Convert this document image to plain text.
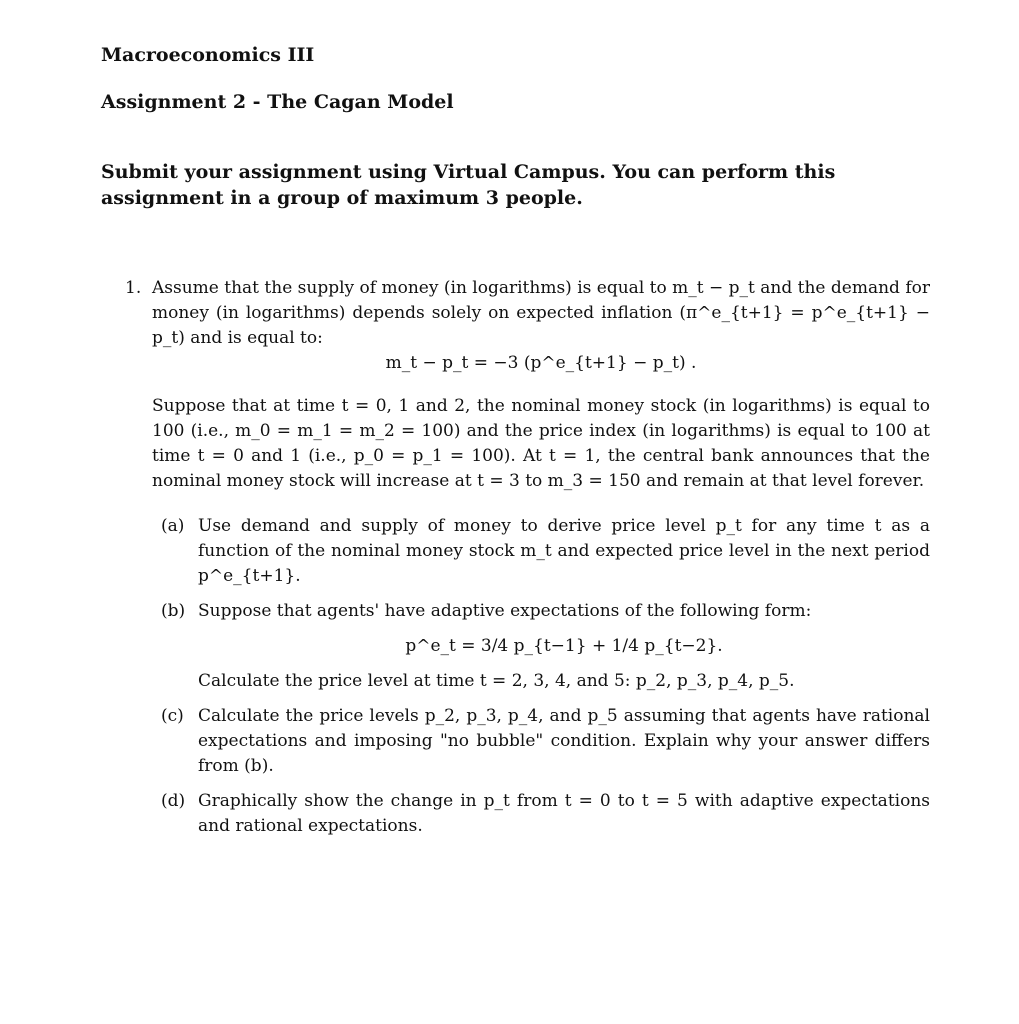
Macroeconomics III
Assignment 2 - The Cagan Model
Submit your assignment using Virtual Campus. You can perform this assignment in a group of maximum 3 people.
1. Assume that the supply of money (in logarithms) is equal to m_t − p_t and the demand for money (in logarithms) depends solely on expected inflation (π^e_{t+1} = p^e_{t+1} − p_t) and is equal to:

m_t − p_t = −3 (p^e_{t+1} − p_t) .

Suppose that at time t = 0, 1 and 2, the nominal money stock (in logarithms) is equal to 100 (i.e., m_0 = m_1 = m_2 = 100) and the price index (in logarithms) is equal to 100 at time t = 0 and 1 (i.e., p_0 = p_1 = 100). At t = 1, the central bank announces that the nominal money stock will increase at t = 3 to m_3 = 150 and remain at that level forever.
(a) Use demand and supply of money to derive price level p_t for any time t as a function of the nominal money stock m_t and expected price level in the next period p^e_{t+1}.
(b) Suppose that agents' have adaptive expectations of the following form:
p^e_t = 3/4 p_{t−1} + 1/4 p_{t−2}.
Calculate the price level at time t = 2, 3, 4, and 5: p_2, p_3, p_4, p_5.
(c) Calculate the price levels p_2, p_3, p_4, and p_5 assuming that agents have rational expectations and imposing "no bubble" condition. Explain why your answer differs from (b).
(d) Graphically show the change in p_t from t = 0 to t = 5 with adaptive expectations and rational expectations.
